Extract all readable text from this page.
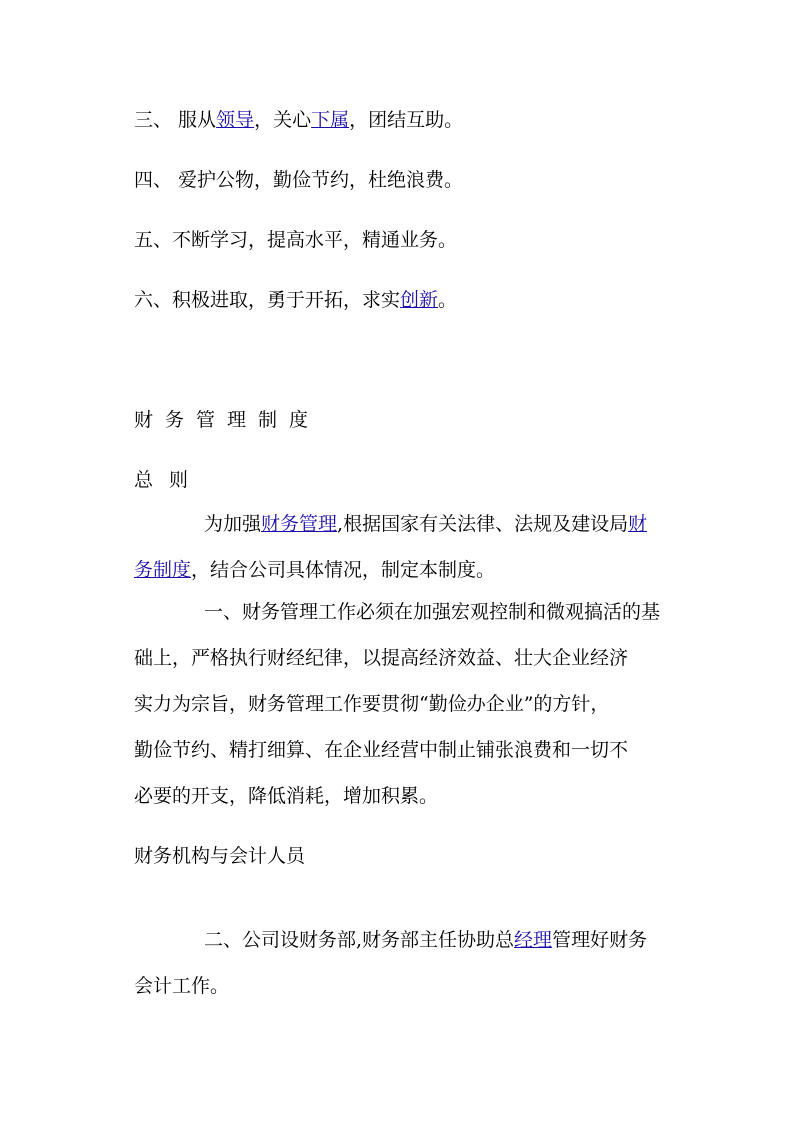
三、 服从领导，关心下属，团结互助。
四、 爱护公物，勤俭节约，杜绝浪费。
五、不断学习，提高水平，精通业务。
六、积极进取，勇于开拓，求实创新。
财务管理制度
总则
为加强财务管理,根据国家有关法律、法规及建设局财
务制度，结合公司具体情况，制定本制度。
一、财务管理工作必须在加强宏观控制和微观搞活的基
础上，严格执行财经纪律，以提高经济效益、壮大企业经济
实力为宗旨，财务管理工作要贯彻“勤俭办企业”的方针，
勤俭节约、精打细算、在企业经营中制止铺张浪费和一切不
必要的开支，降低消耗，增加积累。
财务机构与会计人员
二、公司设财务部,财务部主任协助总经理管理好财务
会计工作。
